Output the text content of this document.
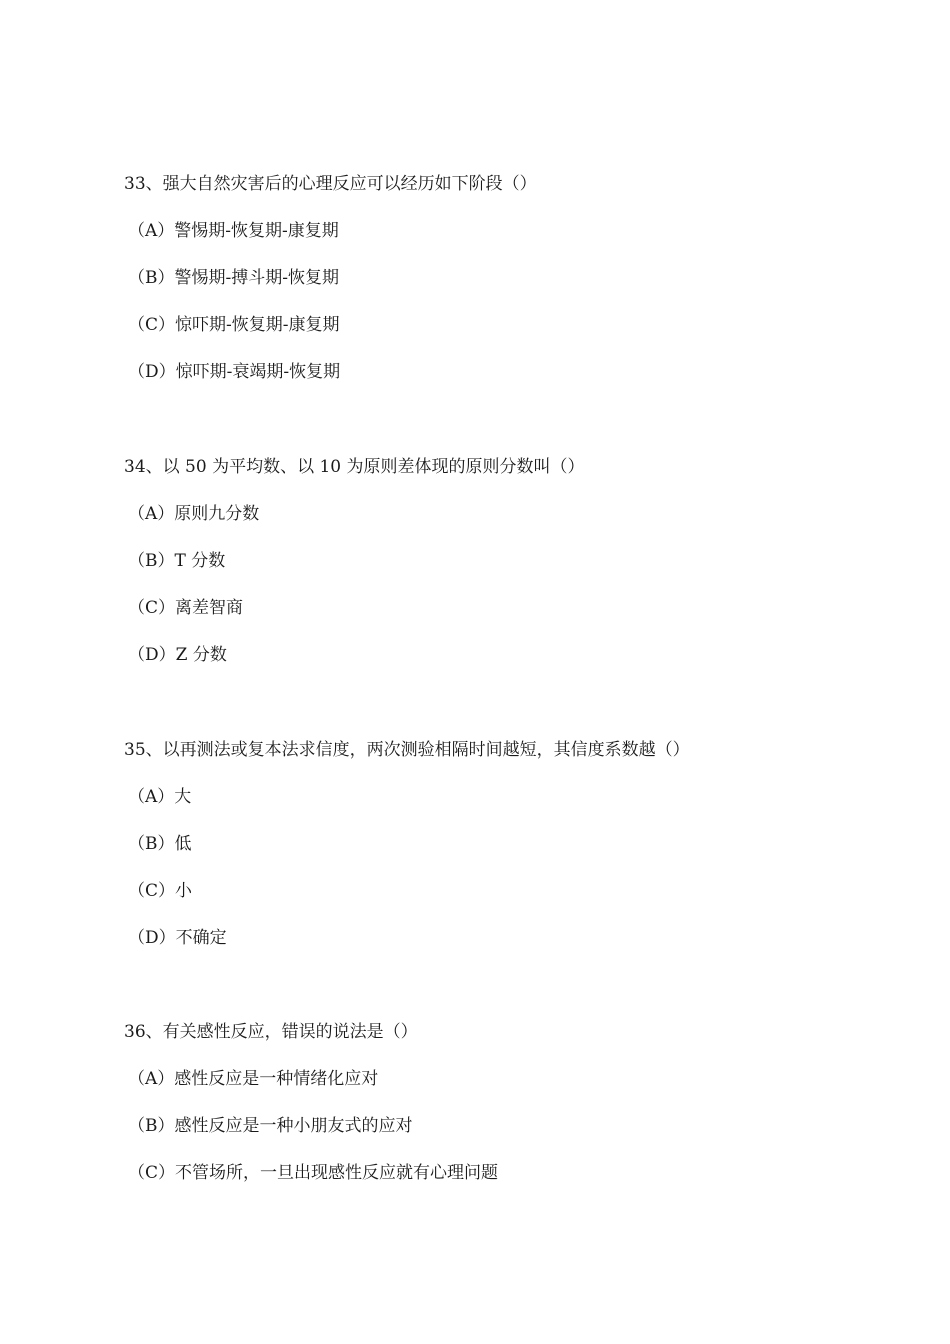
33、强大自然灾害后的心理反应可以经历如下阶段（）
（A）警惕期-恢复期-康复期
（B）警惕期-搏斗期-恢复期
（C）惊吓期-恢复期-康复期
（D）惊吓期-衰竭期-恢复期
34、以 50 为平均数、以 10 为原则差体现的原则分数叫（）
（A）原则九分数
（B）T 分数
（C）离差智商
（D）Z 分数
35、以再测法或复本法求信度，两次测验相隔时间越短，其信度系数越（）
（A）大
（B）低
（C）小
（D）不确定
36、有关感性反应，错误的说法是（）
（A）感性反应是一种情绪化应对
（B）感性反应是一种小朋友式的应对
（C）不管场所，一旦出现感性反应就有心理问题
